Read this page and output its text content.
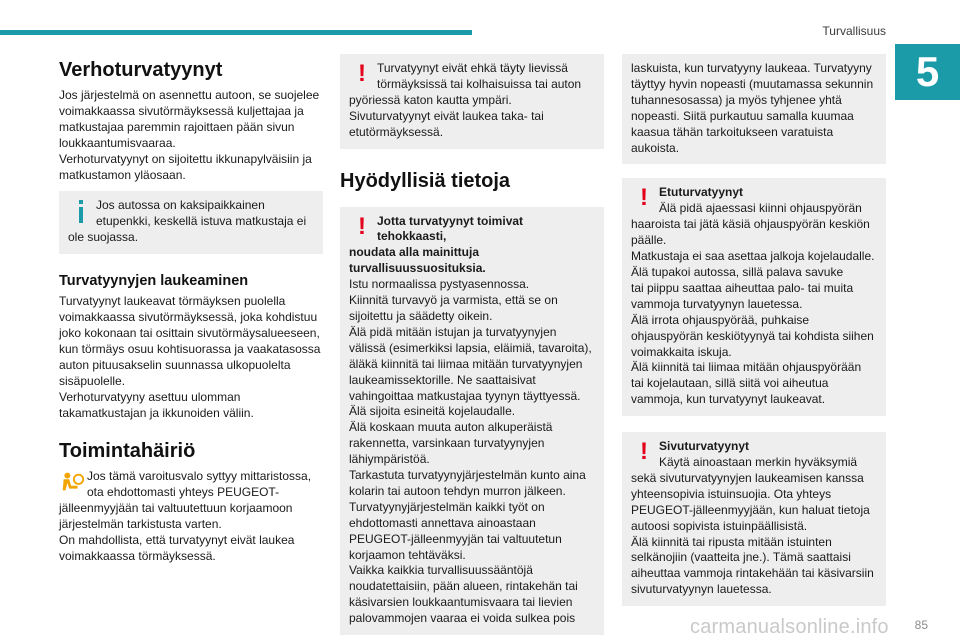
Turvallisuus
5
Verhoturvatyynyt
Jos järjestelmä on asennettu autoon, se suojelee
voimakkaassa sivutörmäyksessä kuljettajaa ja
matkustajaa paremmin rajoittaen pään sivun
loukkaantumisvaaraa.
Verhoturvatyynyt on sijoitettu ikkunapylväisiin ja
matkustamon yläosaan.
Jos autossa on kaksipaikkainen
etupenkki, keskellä istuva matkustaja ei
ole suojassa.
Turvatyynyjen laukeaminen
Turvatyynyt laukeavat törmäyksen puolella
voimakkaassa sivutörmäyksessä, joka kohdistuu
joko kokonaan tai osittain sivutörmäysalueeseen,
kun törmäys osuu kohtisuorassa ja vaakatasossa
auton pituusakselin suunnassa ulkopuolelta
sisäpuolelle.
Verhoturvatyyny asettuu ulomman
takamatkustajan ja ikkunoiden väliin.
Toimintahäiriö
Jos tämä varoitusvalo syttyy mittaristossa,
ota ehdottomasti yhteys PEUGEOT-
jälleenmyyjään tai valtuutettuun korjaamoon
järjestelmän tarkistusta varten.
On mahdollista, että turvatyynyt eivät laukea
voimakkaassa törmäyksessä.
! Turvatyynyt eivät ehkä täyty lievissä
törmäyksissä tai kolhaisuissa tai auton
pyöriessä katon kautta ympäri.
Sivuturvatyynyt eivät laukea taka- tai
etutörmäyksessä.
Hyödyllisiä tietoja
! Jotta turvatyynyt toimivat tehokkaasti,
noudata alla mainittuja
turvallisuussuosituksia.
Istu normaalissa pystyasennossa.
Kiinnitä turvavyö ja varmista, että se on
sijoitettu ja säädetty oikein.
Älä pidä mitään istujan ja turvatyynyjen
välissä (esimerkiksi lapsia, eläimiä, tavaroita),
äläkä kiinnitä tai liimaa mitään turvatyynyjen
laukeamissektorille. Ne saattaisivat
vahingoittaa matkustajaa tyynyn täyttyessä.
Älä sijoita esineitä kojelaudalle.
Älä koskaan muuta auton alkuperäistä
rakennetta, varsinkaan turvatyynyjen
lähiympäristöä.
Tarkastuta turvatyynyjärjestelmän kunto aina
kolarin tai autoon tehdyn murron jälkeen.
Turvatyynyjärjestelmän kaikki työt on
ehdottomasti annettava ainoastaan
PEUGEOT-jälleenmyyjän tai valtuutetun
korjaamon tehtäväksi.
Vaikka kaikkia turvallisuussääntöjä
noudatettaisiin, pään alueen, rintakehän tai
käsivarsien loukkaantumisvaara tai lievien
palovammojen vaaraa ei voida sulkea pois
laskuista, kun turvatyyny laukeaa. Turvatyyny
täyttyy hyvin nopeasti (muutamassa sekunnin
tuhannesosassa) ja myös tyhjenee yhtä
nopeasti. Siitä purkautuu samalla kuumaa
kaasua tähän tarkoitukseen varatuista
aukoista.
! Etuturvatyynyt
Älä pidä ajaessasi kiinni ohjauspyörän
haaroista tai jätä käsiä ohjauspyörän keskiön
päälle.
Matkustaja ei saa asettaa jalkoja kojelaudalle.
Älä tupakoi autossa, sillä palava savuke
tai piippu saattaa aiheuttaa palo- tai muita
vammoja turvatyynyn lauetessa.
Älä irrota ohjauspyörää, puhkaise
ohjauspyörän keskiötyynyä tai kohdista siihen
voimakkaita iskuja.
Älä kiinnitä tai liimaa mitään ohjauspyörään
tai kojelautaan, sillä siitä voi aiheutua
vammoja, kun turvatyynyt laukeavat.
! Sivuturvatyynyt
Käytä ainoastaan merkin hyväksymiä
sekä sivuturvatyynyjen laukeamisen kanssa
yhteensopivia istuinsuojia. Ota yhteys
PEUGEOT-jälleenmyyjään, kun haluat tietoja
autoosi sopivista istuinpäällisistä.
Älä kiinnitä tai ripusta mitään istuinten
selkänojiin (vaatteita jne.). Tämä saattaisi
aiheuttaa vammoja rintakehään tai käsivarsiin
sivuturvatyynyn lauetessa.
carmanualsonline.info 85
